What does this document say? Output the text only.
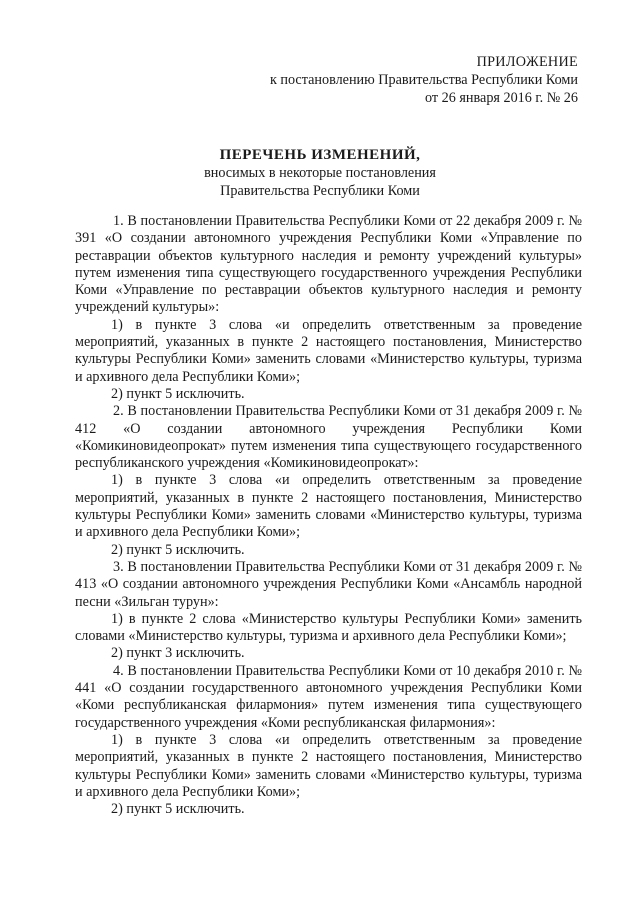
ПРИЛОЖЕНИЕ
к постановлению Правительства Республики Коми
от 26 января 2016 г. № 26
ПЕРЕЧЕНЬ ИЗМЕНЕНИЙ,
вносимых в некоторые постановления
Правительства Республики Коми

1. В постановлении Правительства Республики Коми от 22 декабря 2009 г. № 391 «О создании автономного учреждения Республики Коми «Управление по реставрации объектов культурного наследия и ремонту учреждений культуры» путем изменения типа существующего государственного учреждения Республики Коми «Управление по реставрации объектов культурного наследия и ремонту учреждений культуры»:

1) в пункте 3 слова «и определить ответственным за проведение мероприятий, указанных в пункте 2 настоящего постановления, Министерство культуры Республики Коми» заменить словами «Министерство культуры, туризма и архивного дела Республики Коми»;

2) пункт 5 исключить.

2. В постановлении Правительства Республики Коми от 31 декабря 2009 г. № 412 «О создании автономного учреждения Республики Коми «Комикиновидеопрокат» путем изменения типа существующего государственного республиканского учреждения «Комикиновидеопрокат»:

1) в пункте 3 слова «и определить ответственным за проведение мероприятий, указанных в пункте 2 настоящего постановления, Министерство культуры Республики Коми» заменить словами «Министерство культуры, туризма и архивного дела Республики Коми»;

2) пункт 5 исключить.

3. В постановлении Правительства Республики Коми от 31 декабря 2009 г. № 413 «О создании автономного учреждения Республики Коми «Ансамбль народной песни «Зильган турун»:

1) в пункте 2 слова «Министерство культуры Республики Коми» заменить словами «Министерство культуры, туризма и архивного дела Республики Коми»;

2) пункт 3 исключить.

4. В постановлении Правительства Республики Коми от 10 декабря 2010 г. № 441 «О создании государственного автономного учреждения Республики Коми «Коми республиканская филармония» путем изменения типа существующего государственного учреждения «Коми республиканская филармония»:

1) в пункте 3 слова «и определить ответственным за проведение мероприятий, указанных в пункте 2 настоящего постановления, Министерство культуры Республики Коми» заменить словами «Министерство культуры, туризма и архивного дела Республики Коми»;

2) пункт 5 исключить.
